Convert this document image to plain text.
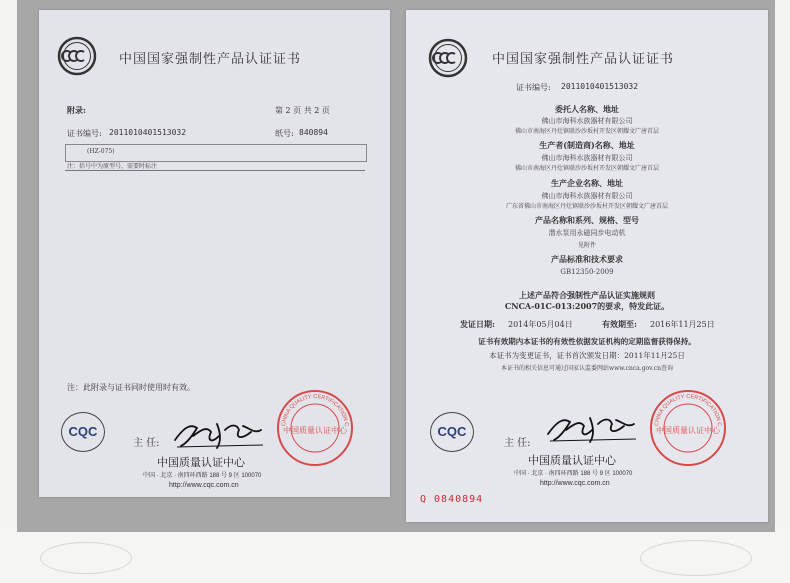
中国国家强制性产品认证证书
附录:	第 2 页 共 2 页
证书编号: 2011010401513032	纸号: 840894
(HZ-075)
注：括号中为原型号，需要时标注
注：此附录与证书同时使用时有效。
CQC
主 任:
中国质量认证中心
中国 · 北京 · 南四环西路 188 号 9 区 100070
http://www.cqc.com.cn
CHINA QUALITY CERTIFICATION C
中国质量认证中心
中国国家强制性产品认证证书
证书编号: 2011010401513032
委托人名称、地址
佛山市海科水族器材有限公司
佛山市南海区丹灶镇联沙沙坂村开发区朝耀文广唐首层
生产者(制造商)名称、地址
佛山市海科水族器材有限公司
佛山市南海区丹灶镇联沙沙坂村开发区朝耀文广唐首层
生产企业名称、地址
佛山市海科水族器材有限公司
广东省佛山市南海区丹灶镇联沙沙坂村开发区朝耀文广唐首层
产品名称和系列、规格、型号
潜水泵用永磁同步电动机
见附件
产品标准和技术要求
GB12350-2009
上述产品符合强制性产品认证实施规则
CNCA-01C-013:2007的要求，特发此证。
发证日期: 2014年05月04日	有效期至: 2016年11月25日
证书有效期内本证书的有效性依据发证机构的定期监督获得保持。
本证书为变更证书，证书首次颁发日期：2011年11月25日
本证书的相关信息可通过国家认监委网站www.cnca.gov.cn查询
CQC
主 任:
中国质量认证中心
中国 · 北京 · 南四环西路 188 号 9 区 100070
http://www.cqc.com.cn
CHINA QUALITY CERTIFICATION C
中国质量认证中心
Q 0840894
